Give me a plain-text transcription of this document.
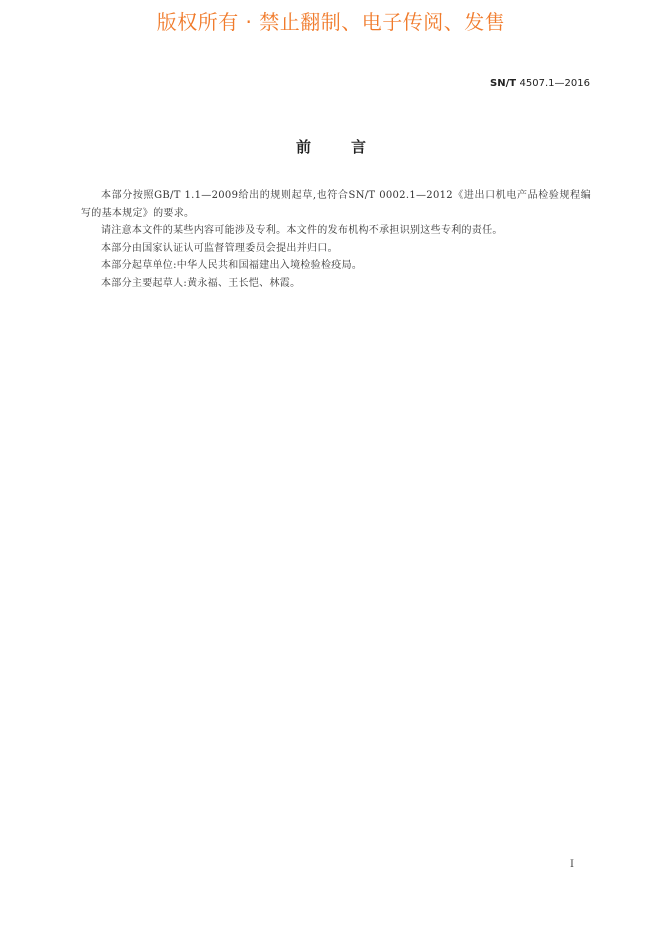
版权所有 · 禁止翻制、电子传阅、发售
SN/T 4507.1—2016
前言

本部分按照GB/T 1.1—2009给出的规则起草,也符合SN/T 0002.1—2012《进出口机电产品检验规程编写的基本规定》的要求。

请注意本文件的某些内容可能涉及专利。本文件的发布机构不承担识别这些专利的责任。

本部分由国家认证认可监督管理委员会提出并归口。

本部分起草单位:中华人民共和国福建出入境检验检疫局。

本部分主要起草人:黄永福、王长恺、林霞。

I
